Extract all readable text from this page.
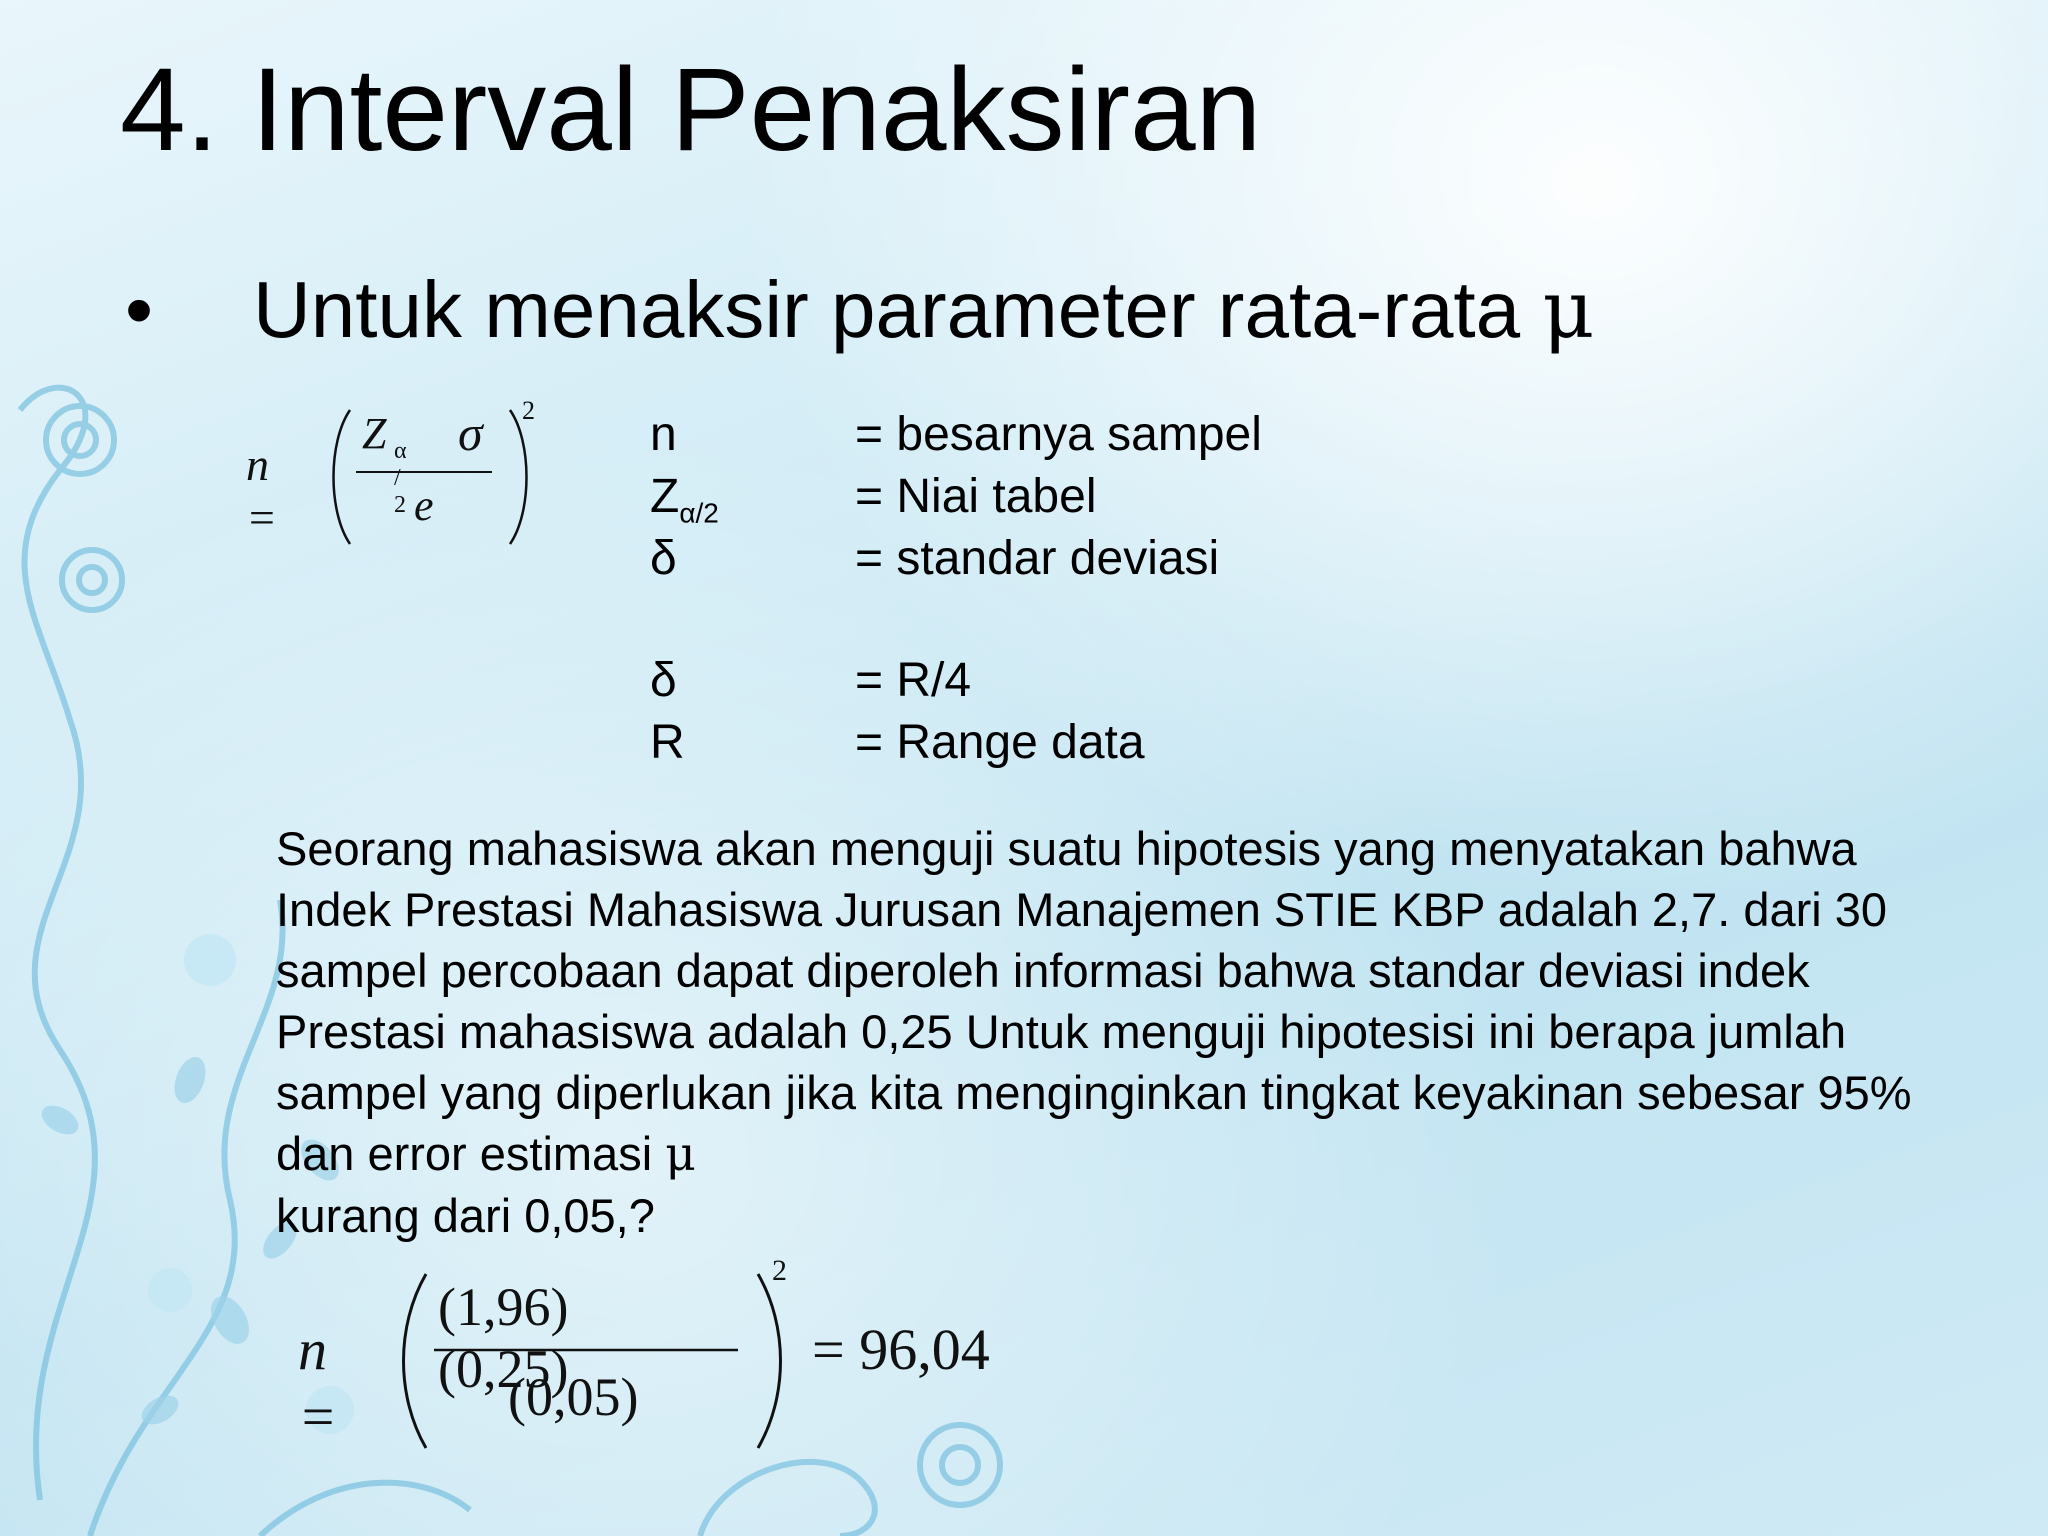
4. Interval Penaksiran
• Untuk menaksir parameter rata-rata μ
n =
Z α / 2
σ
e
2 n	= besarnya sampel
$Z_{\alpha/2}$	= Niai tabel
δ	= standar deviasi
δ	= R/4
R	= Range data

Seorang mahasiswa akan menguji suatu hipotesis yang menyatakan bahwa Indek Prestasi Mahasiswa Jurusan Manajemen STIE KBP adalah 2,7. dari 30 sampel percobaan dapat diperoleh informasi bahwa standar deviasi indek Prestasi mahasiswa adalah 0,25 Untuk menguji hipotesisi ini berapa jumlah sampel yang diperlukan jika kita menginginkan tingkat keyakinan sebesar 95% dan error estimasi μ
kurang dari 0,05,?

n =
(1,96)(0,25)
(0,05)
2
= 96,04
